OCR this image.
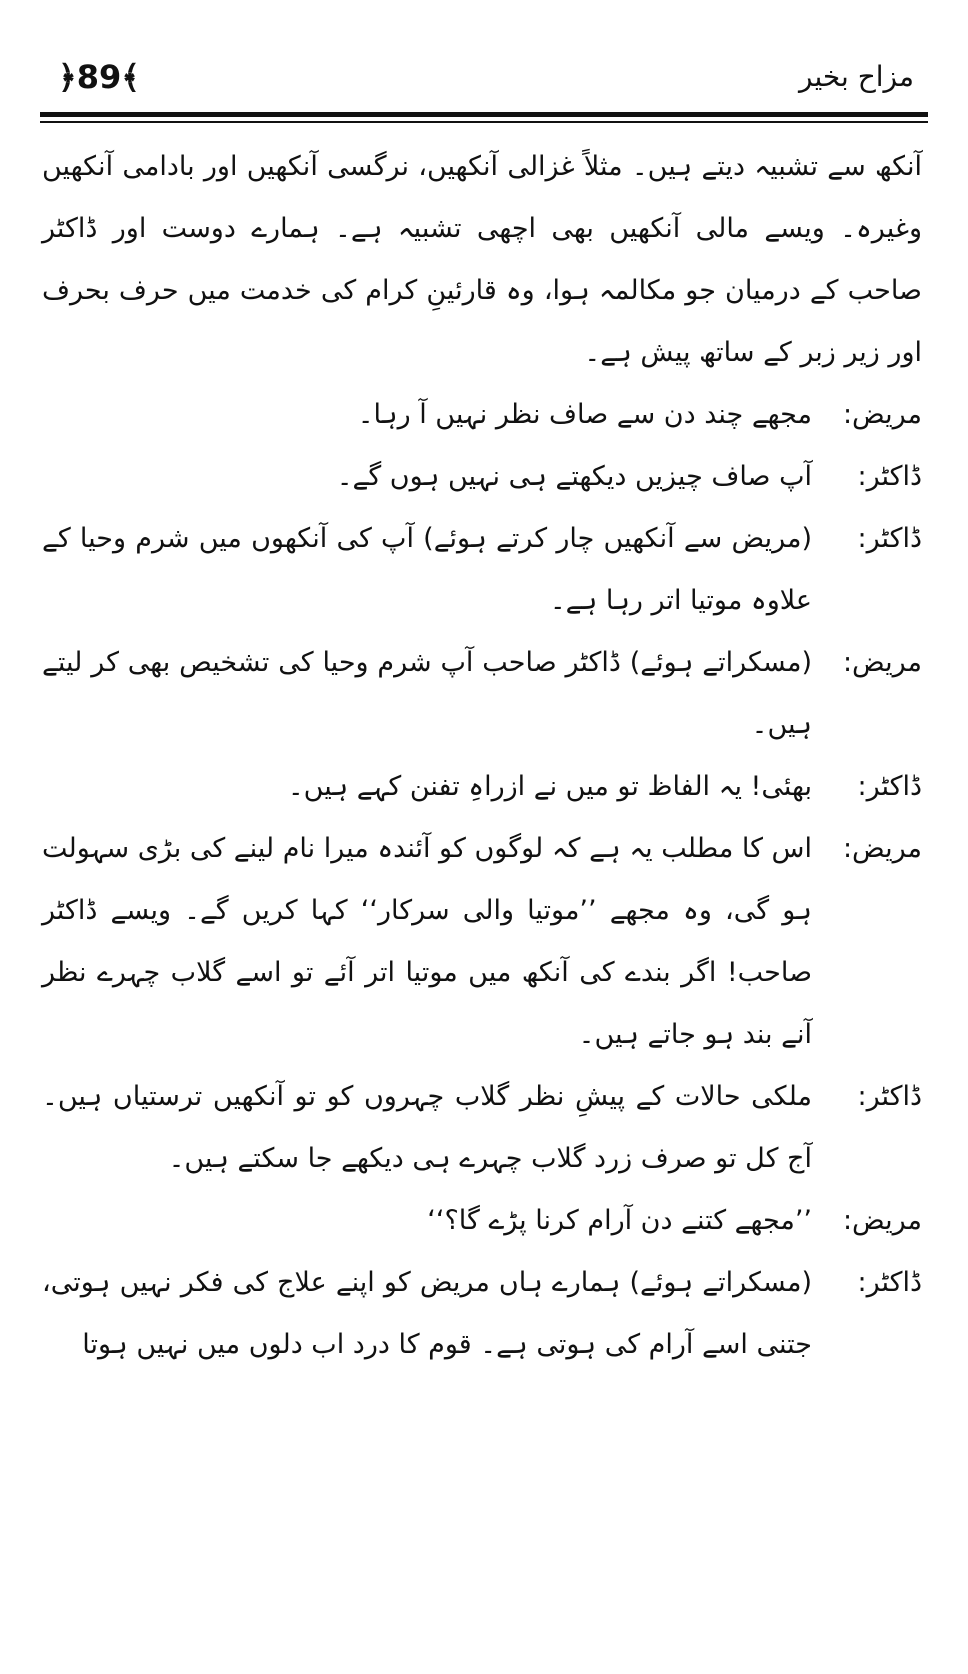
﴿89﴾	مزاح بخیر

آنکھ سے تشبیہ دیتے ہیں۔ مثلاً غزالی آنکھیں، نرگسی آنکھیں اور بادامی آنکھیں وغیرہ۔ ویسے مالی آنکھیں بھی اچھی تشبیہ ہے۔ ہمارے دوست اور ڈاکٹر صاحب کے درمیان جو مکالمہ ہوا، وہ قارئینِ کرام کی خدمت میں حرف بحرف اور زیر زبر کے ساتھ پیش ہے۔

مریض:
مجھے چند دن سے صاف نظر نہیں آ رہا۔
ڈاکٹر:
آپ صاف چیزیں دیکھتے ہی نہیں ہوں گے۔
ڈاکٹر:
(مریض سے آنکھیں چار کرتے ہوئے) آپ کی آنکھوں میں شرم وحیا کے علاوہ موتیا اتر رہا ہے۔
مریض:
(مسکراتے ہوئے) ڈاکٹر صاحب آپ شرم وحیا کی تشخیص بھی کر لیتے ہیں۔
ڈاکٹر:
بھئی! یہ الفاظ تو میں نے ازراہِ تفنن کہے ہیں۔
مریض:
اس کا مطلب یہ ہے کہ لوگوں کو آئندہ میرا نام لینے کی بڑی سہولت ہو گی، وہ مجھے ’’موتیا والی سرکار‘‘ کہا کریں گے۔ ویسے ڈاکٹر صاحب! اگر بندے کی آنکھ میں موتیا اتر آئے تو اسے گلاب چہرے نظر آنے بند ہو جاتے ہیں۔
ڈاکٹر:
ملکی حالات کے پیشِ نظر گلاب چہروں کو تو آنکھیں ترستیاں ہیں۔ آج کل تو صرف زرد گلاب چہرے ہی دیکھے جا سکتے ہیں۔
مریض:
’’مجھے کتنے دن آرام کرنا پڑے گا؟‘‘
ڈاکٹر:
(مسکراتے ہوئے) ہمارے ہاں مریض کو اپنے علاج کی فکر نہیں ہوتی، جتنی اسے آرام کی ہوتی ہے۔ قوم کا درد اب دلوں میں نہیں ہوتا
